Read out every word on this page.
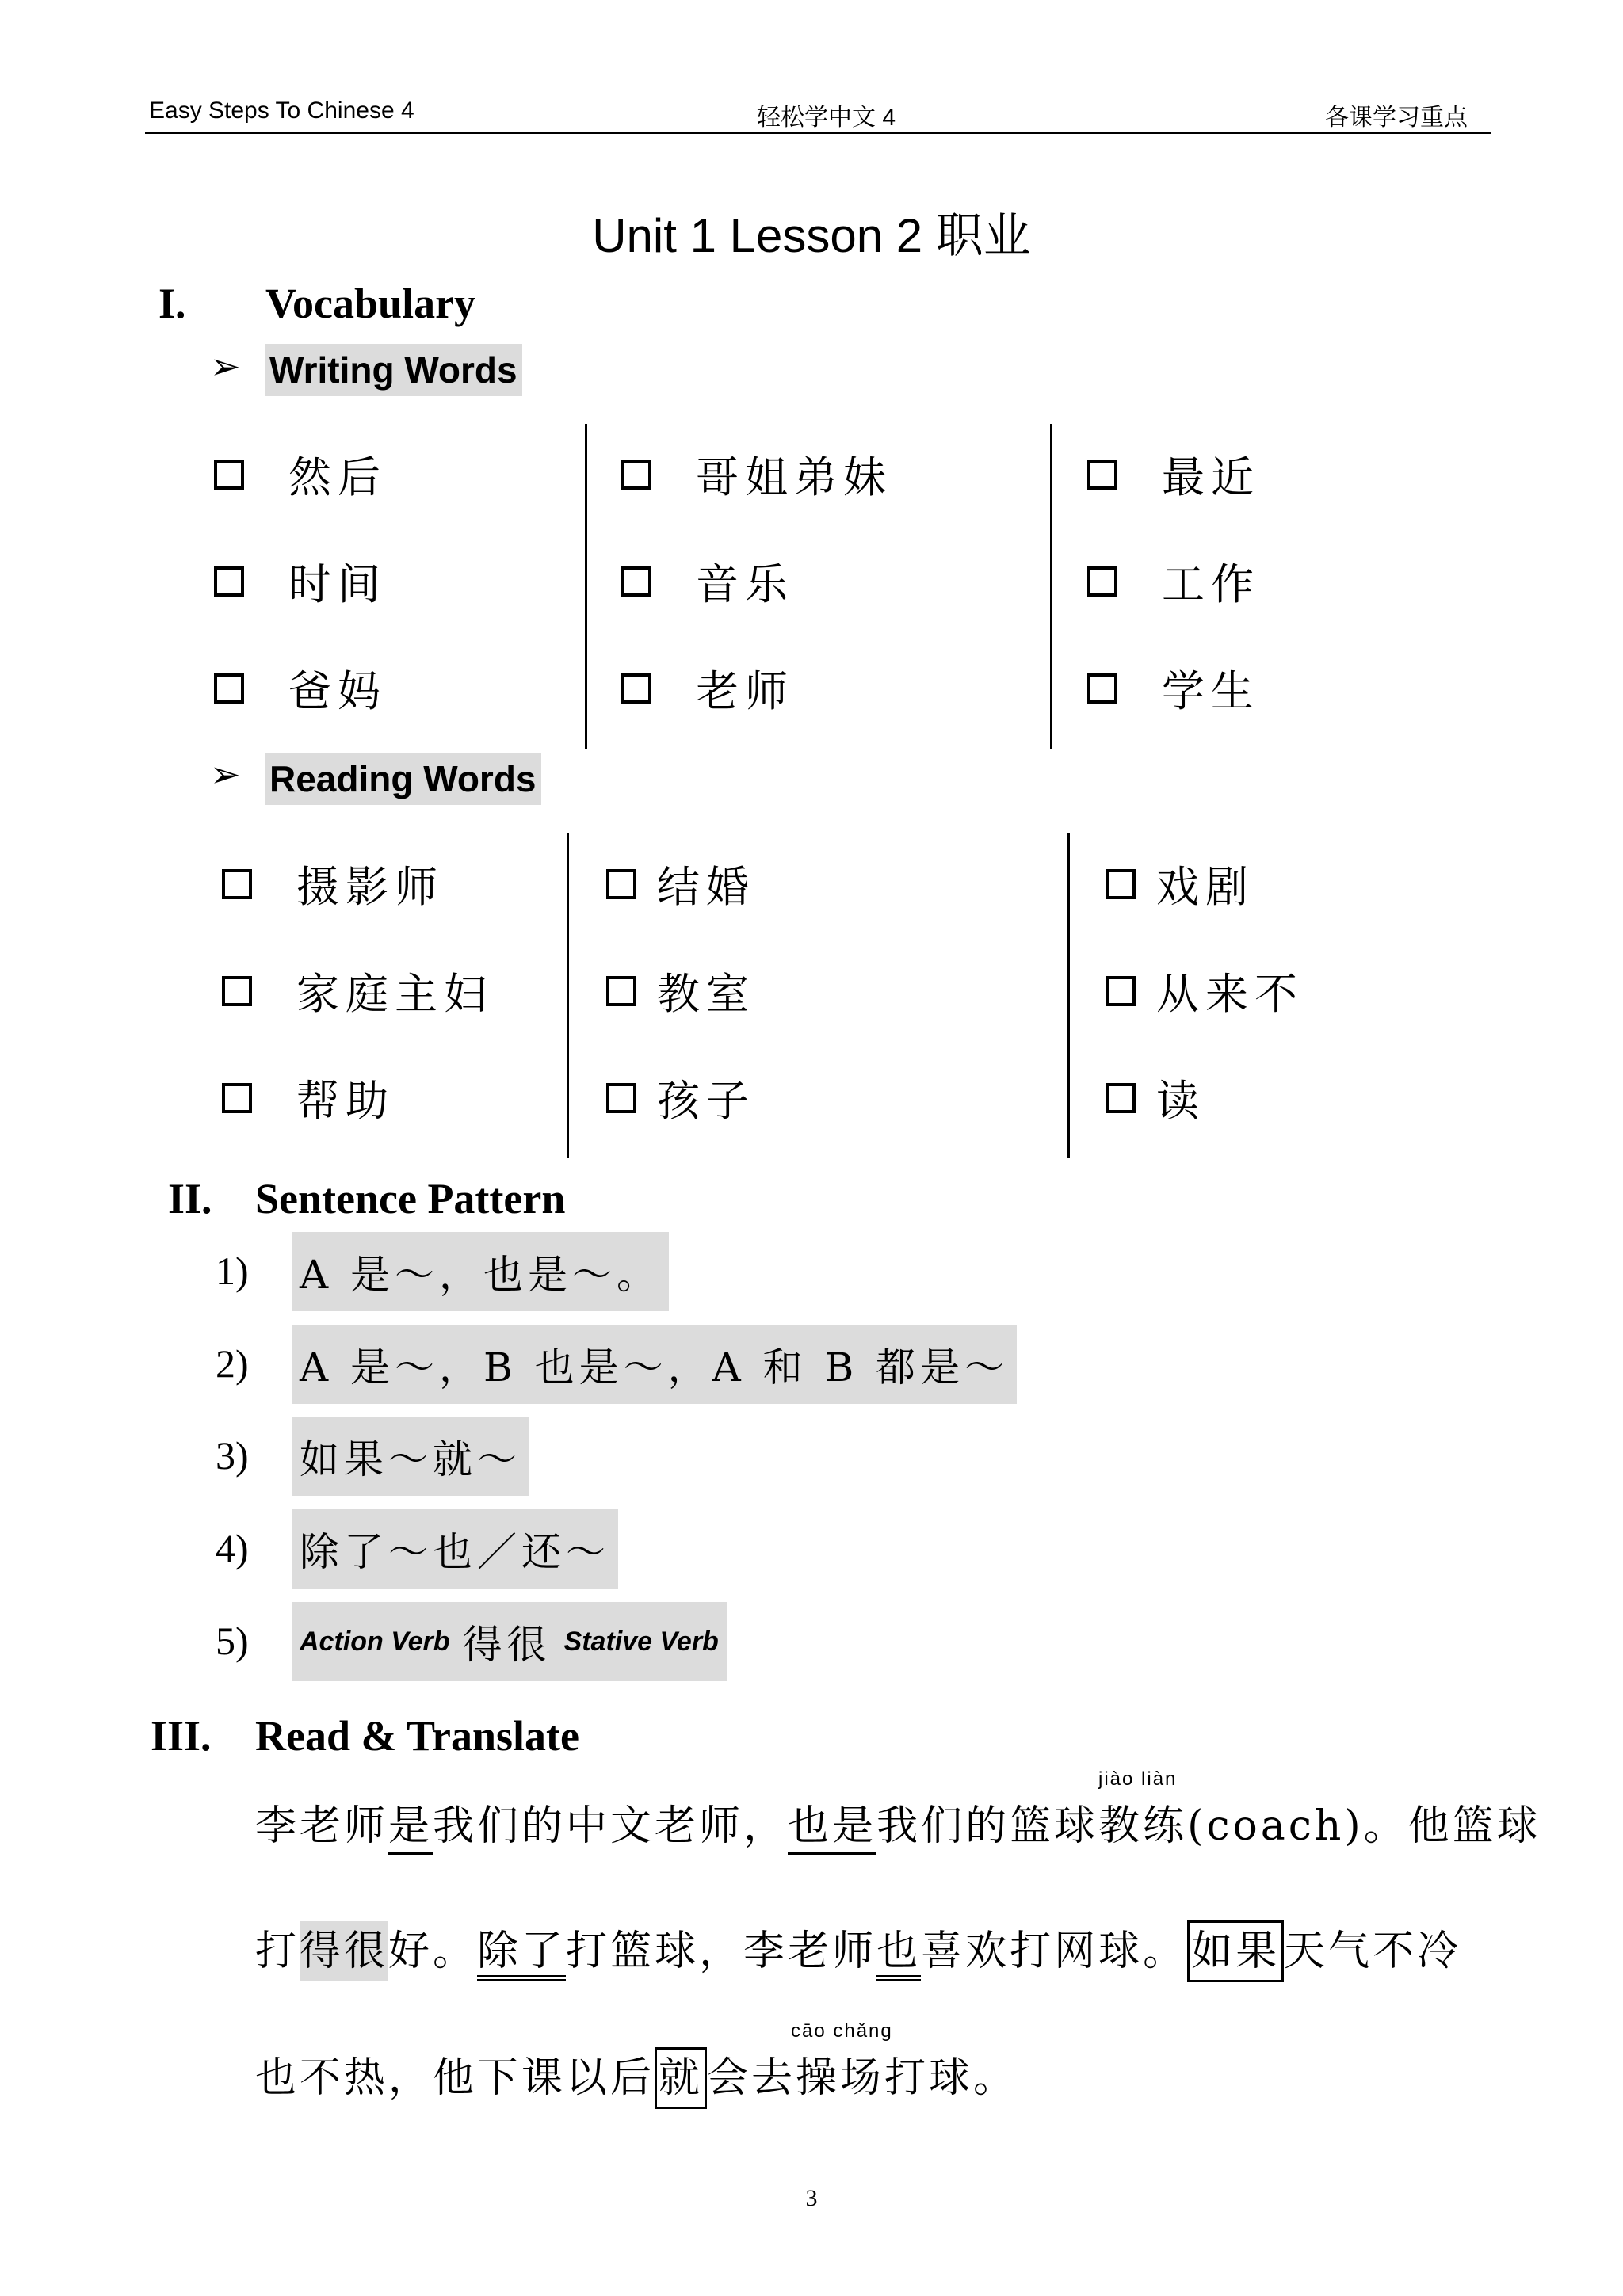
Easy Steps To Chinese 4	轻松学中文 4	各课学习重点
Unit 1 Lesson 2 职业
I. Vocabulary
➢ Writing Words
然后
时间
爸妈
哥姐弟妹
音乐
老师
最近
工作
学生
➢ Reading Words
摄影师
家庭主妇
帮助
结婚
教室
孩子
戏剧
从来不
读
II. Sentence Pattern
1) A 是～，也是～。
2) A 是～，B 也是～，A 和 B 都是～
3) 如果～就～
4) 除了～也／还～
5) Action Verb 得很 Stative Verb
III. Read & Translate
jiào liàn
李老师是我们的中文老师，也是我们的篮球教练(coach)。他篮球
打得很好。除了打篮球，李老师也喜欢打网球。如果天气不冷
cāo chǎng
也不热，他下课以后就会去操场打球。
3
